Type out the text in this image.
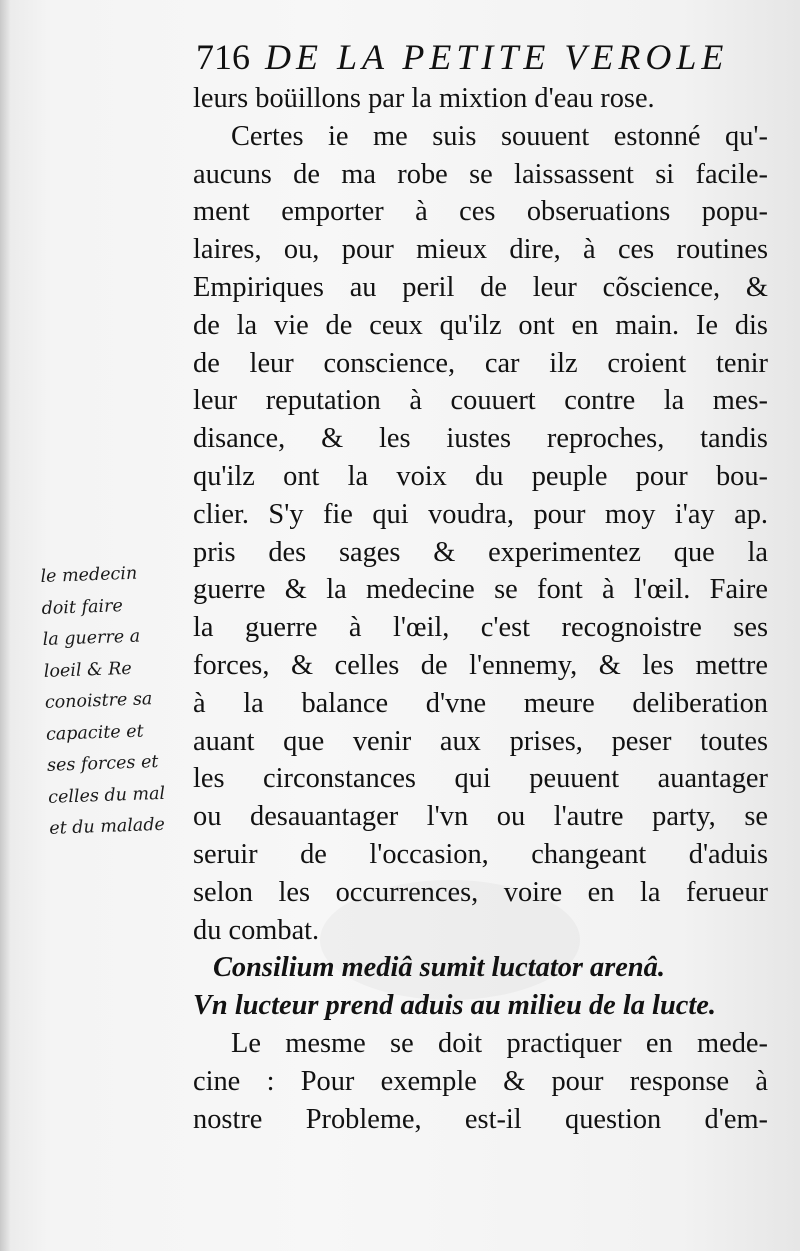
716 DE LA PETITE VEROLE
leurs boüillons par la mixtion d'eau rose.
Certes ie me suis souuent estonné qu'-
aucuns de ma robe se laissassent si facile-
ment emporter à ces obseruations popu-
laires, ou, pour mieux dire, à ces routines
Empiriques au peril de leur cõscience, &
de la vie de ceux qu'ilz ont en main. Ie dis
de leur conscience, car ilz croient tenir
leur reputation à couuert contre la mes-
disance, & les iustes reproches, tandis
qu'ilz ont la voix du peuple pour bou-
clier. S'y fie qui voudra, pour moy i'ay ap.
pris des sages & experimentez que la
guerre & la medecine se font à l'œil. Faire
la guerre à l'œil, c'est recognoistre ses
forces, & celles de l'ennemy, & les mettre
à la balance d'vne meure deliberation
auant que venir aux prises, peser toutes
les circonstances qui peuuent auantager
ou desauantager l'vn ou l'autre party, se
seruir de l'occasion, changeant d'aduis
selon les occurrences, voire en la ferueur
du combat.
Consilium mediâ sumit luctator arenâ.
Vn lucteur prend aduis au milieu de la lucte.
Le mesme se doit practiquer en mede-
cine : Pour exemple & pour response à
nostre Probleme, est-il question d'em-
le medecin
doit faire
la guerre a
loeil & Re
conoistre sa
capacite et
ses forces et
celles du mal
et du malade
